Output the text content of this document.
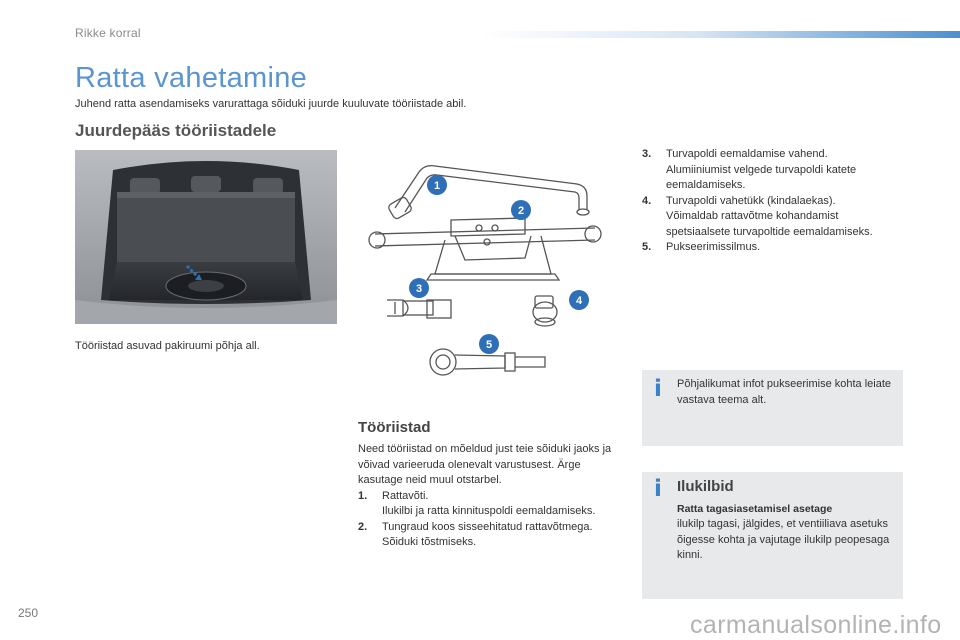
Rikke korral
Ratta vahetamine

Juhend ratta asendamiseks varurattaga sõiduki juurde kuuluvate tööriistade abil.

Juurdepääs tööriistadele

Tööriistad asuvad pakiruumi põhja all.

1
2
3
4
5
Tööriistad

Need tööriistad on mõeldud just teie sõiduki jaoks ja võivad varieeruda olenevalt varustusest. Ärge kasutage neid muul otstarbel.

1. Rattavõti.
Ilukilbi ja ratta kinnituspoldi eemaldamiseks.
2. Tungraud koos sisseehitatud rattavõtmega.
Sõiduki tõstmiseks.
3. Turvapoldi eemaldamise vahend.
Alumiiniumist velgede turvapoldi katete eemaldamiseks.
4. Turvapoldi vahetükk (kindalaekas).
Võimaldab rattavõtme kohandamist spetsiaalsete turvapoltide eemaldamiseks.
5. Pukseerimissilmus.
i Põhjalikumat infot pukseerimise kohta leiate vastava teema alt.

i Ilukilbid
Ratta tagasiasetamisel asetage

ilukilp tagasi, jälgides, et ventiiliava asetuks õigesse kohta ja vajutage ilukilp peopesaga kinni.

250	carmanualsonline.info
